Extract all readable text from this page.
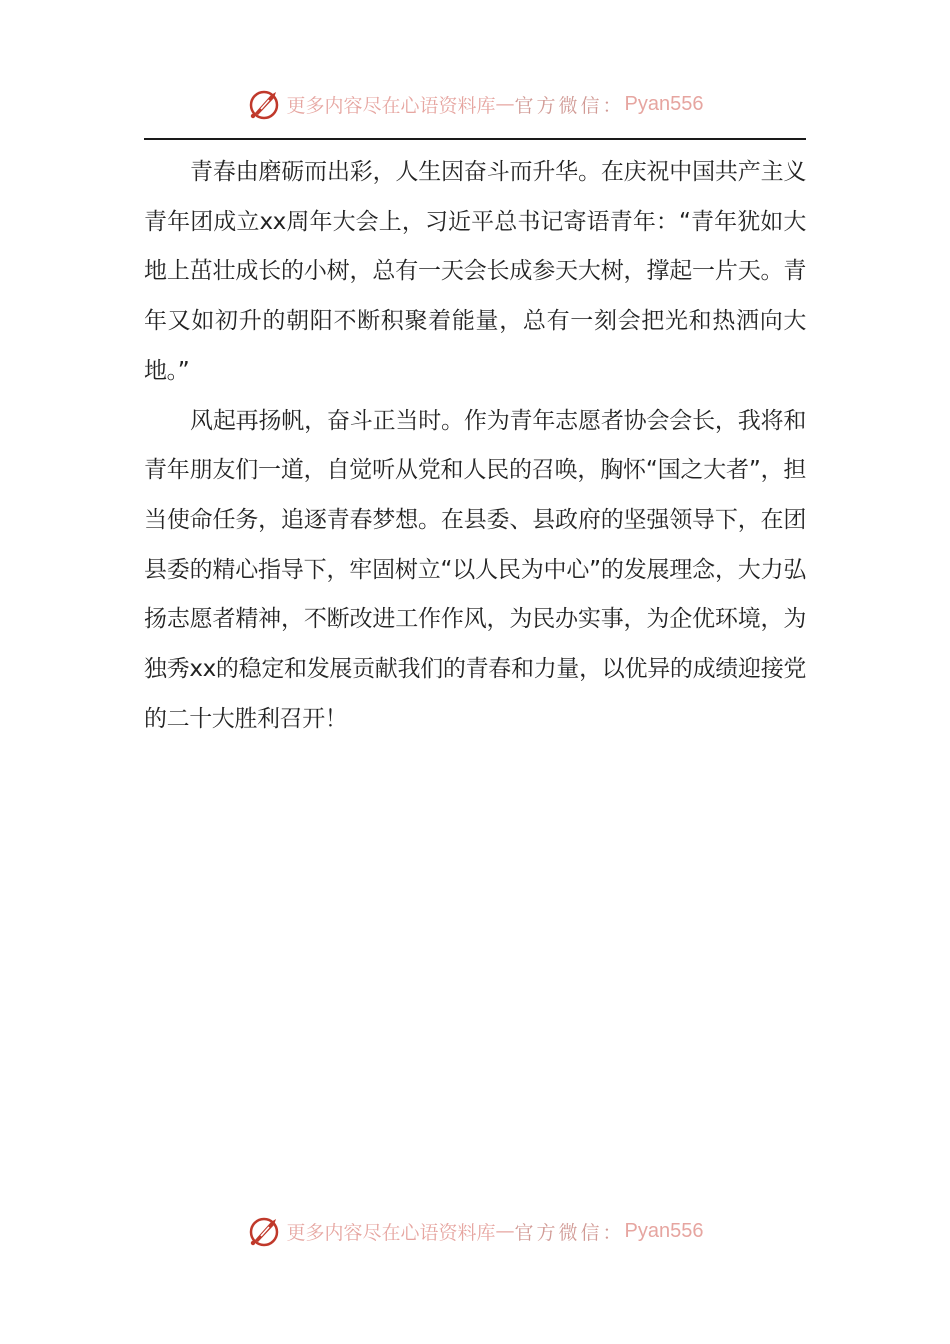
更多内容尽在心语资料库 — 官方微信： Pyan556

青春由磨砺而出彩，人生因奋斗而升华。在庆祝中国共产主义青年团成立xx周年大会上，习近平总书记寄语青年：“青年犹如大地上茁壮成长的小树，总有一天会长成参天大树，撑起一片天。青年又如初升的朝阳不断积聚着能量，总有一刻会把光和热洒向大地。”

风起再扬帆，奋斗正当时。作为青年志愿者协会会长，我将和青年朋友们一道，自觉听从党和人民的召唤，胸怀“国之大者”，担当使命任务，追逐青春梦想。在县委、县政府的坚强领导下，在团县委的精心指导下，牢固树立“以人民为中心”的发展理念，大力弘扬志愿者精神，不断改进工作作风，为民办实事，为企优环境，为独秀xx的稳定和发展贡献我们的青春和力量，以优异的成绩迎接党的二十大胜利召开！

更多内容尽在心语资料库 — 官方微信： Pyan556
